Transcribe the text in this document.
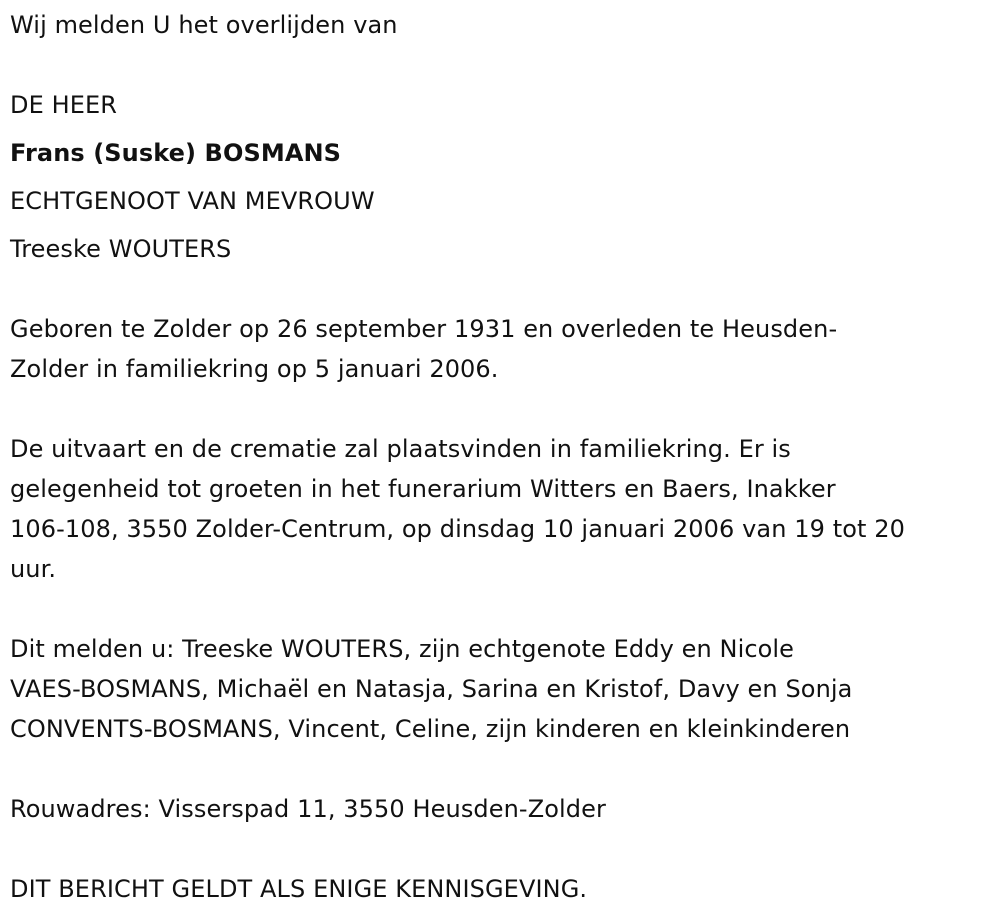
Wij melden U het overlijden van
DE HEER
Frans (Suske) BOSMANS
ECHTGENOOT VAN MEVROUW
Treeske WOUTERS
Geboren te Zolder op 26 september 1931 en overleden te Heusden-
Zolder in familiekring op 5 januari 2006.
De uitvaart en de crematie zal plaatsvinden in familiekring. Er is
gelegenheid tot groeten in het funerarium Witters en Baers, Inakker
106-108, 3550 Zolder-Centrum, op dinsdag 10 januari 2006 van 19 tot 20
uur.
Dit melden u: Treeske WOUTERS, zijn echtgenote Eddy en Nicole
VAES-BOSMANS, Michaël en Natasja, Sarina en Kristof, Davy en Sonja
CONVENTS-BOSMANS, Vincent, Celine, zijn kinderen en kleinkinderen
Rouwadres: Visserspad 11, 3550 Heusden-Zolder
DIT BERICHT GELDT ALS ENIGE KENNISGEVING.
